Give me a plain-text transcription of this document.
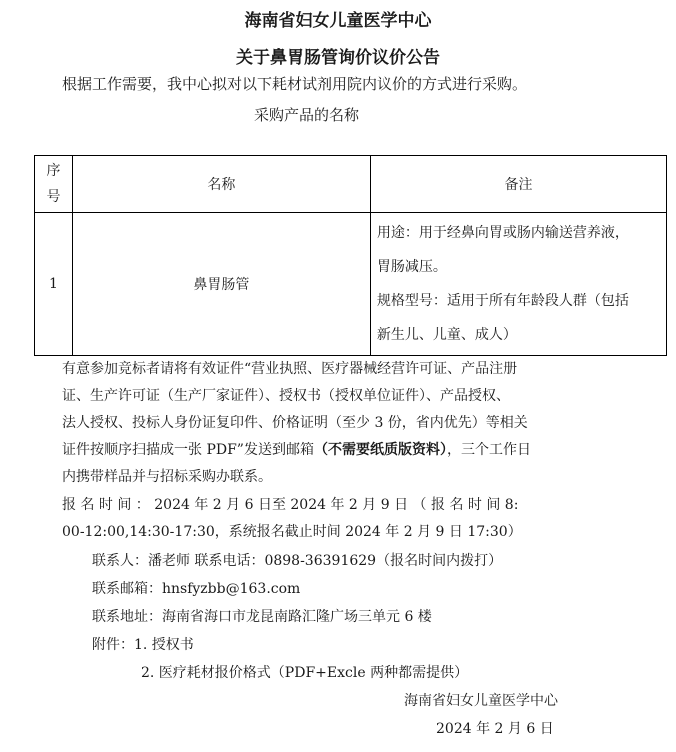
海南省妇女儿童医学中心
关于鼻胃肠管询价议价公告
根据工作需要，我中心拟对以下耗材试剂用院内议价的方式进行采购。
采购产品的名称
序号	名称	备注
1	鼻胃肠管	用途：用于经鼻向胃或肠内输送营养液，
胃肠减压。
规格型号：适用于所有年龄段人群（包括
新生儿、儿童、成人）
有意参加竞标者请将有效证件“营业执照、医疗器械经营许可证、产品注册
证、生产许可证（生产厂家证件）、授权书（授权单位证件）、产品授权、
法人授权、投标人身份证复印件、价格证明（至少 3 份，省内优先）等相关
证件按顺序扫描成一张 PDF”发送到邮箱（不需要纸质版资料），三个工作日
内携带样品并与招标采购办联系。
报 名 时 间 ： 2024 年 2 月 6 日至 2024 年 2 月 9 日 （ 报 名 时 间 8:
00-12:00,14:30-17:30，系统报名截止时间 2024 年 2 月 9 日 17:30）
联系人：潘老师 联系电话：0898-36391629（报名时间内拨打）
联系邮箱：hnsfyzbb@163.com
联系地址：海南省海口市龙昆南路汇隆广场三单元 6 楼
附件：1. 授权书
2. 医疗耗材报价格式（PDF+Excle 两种都需提供）
海南省妇女儿童医学中心
2024 年 2 月 6 日
